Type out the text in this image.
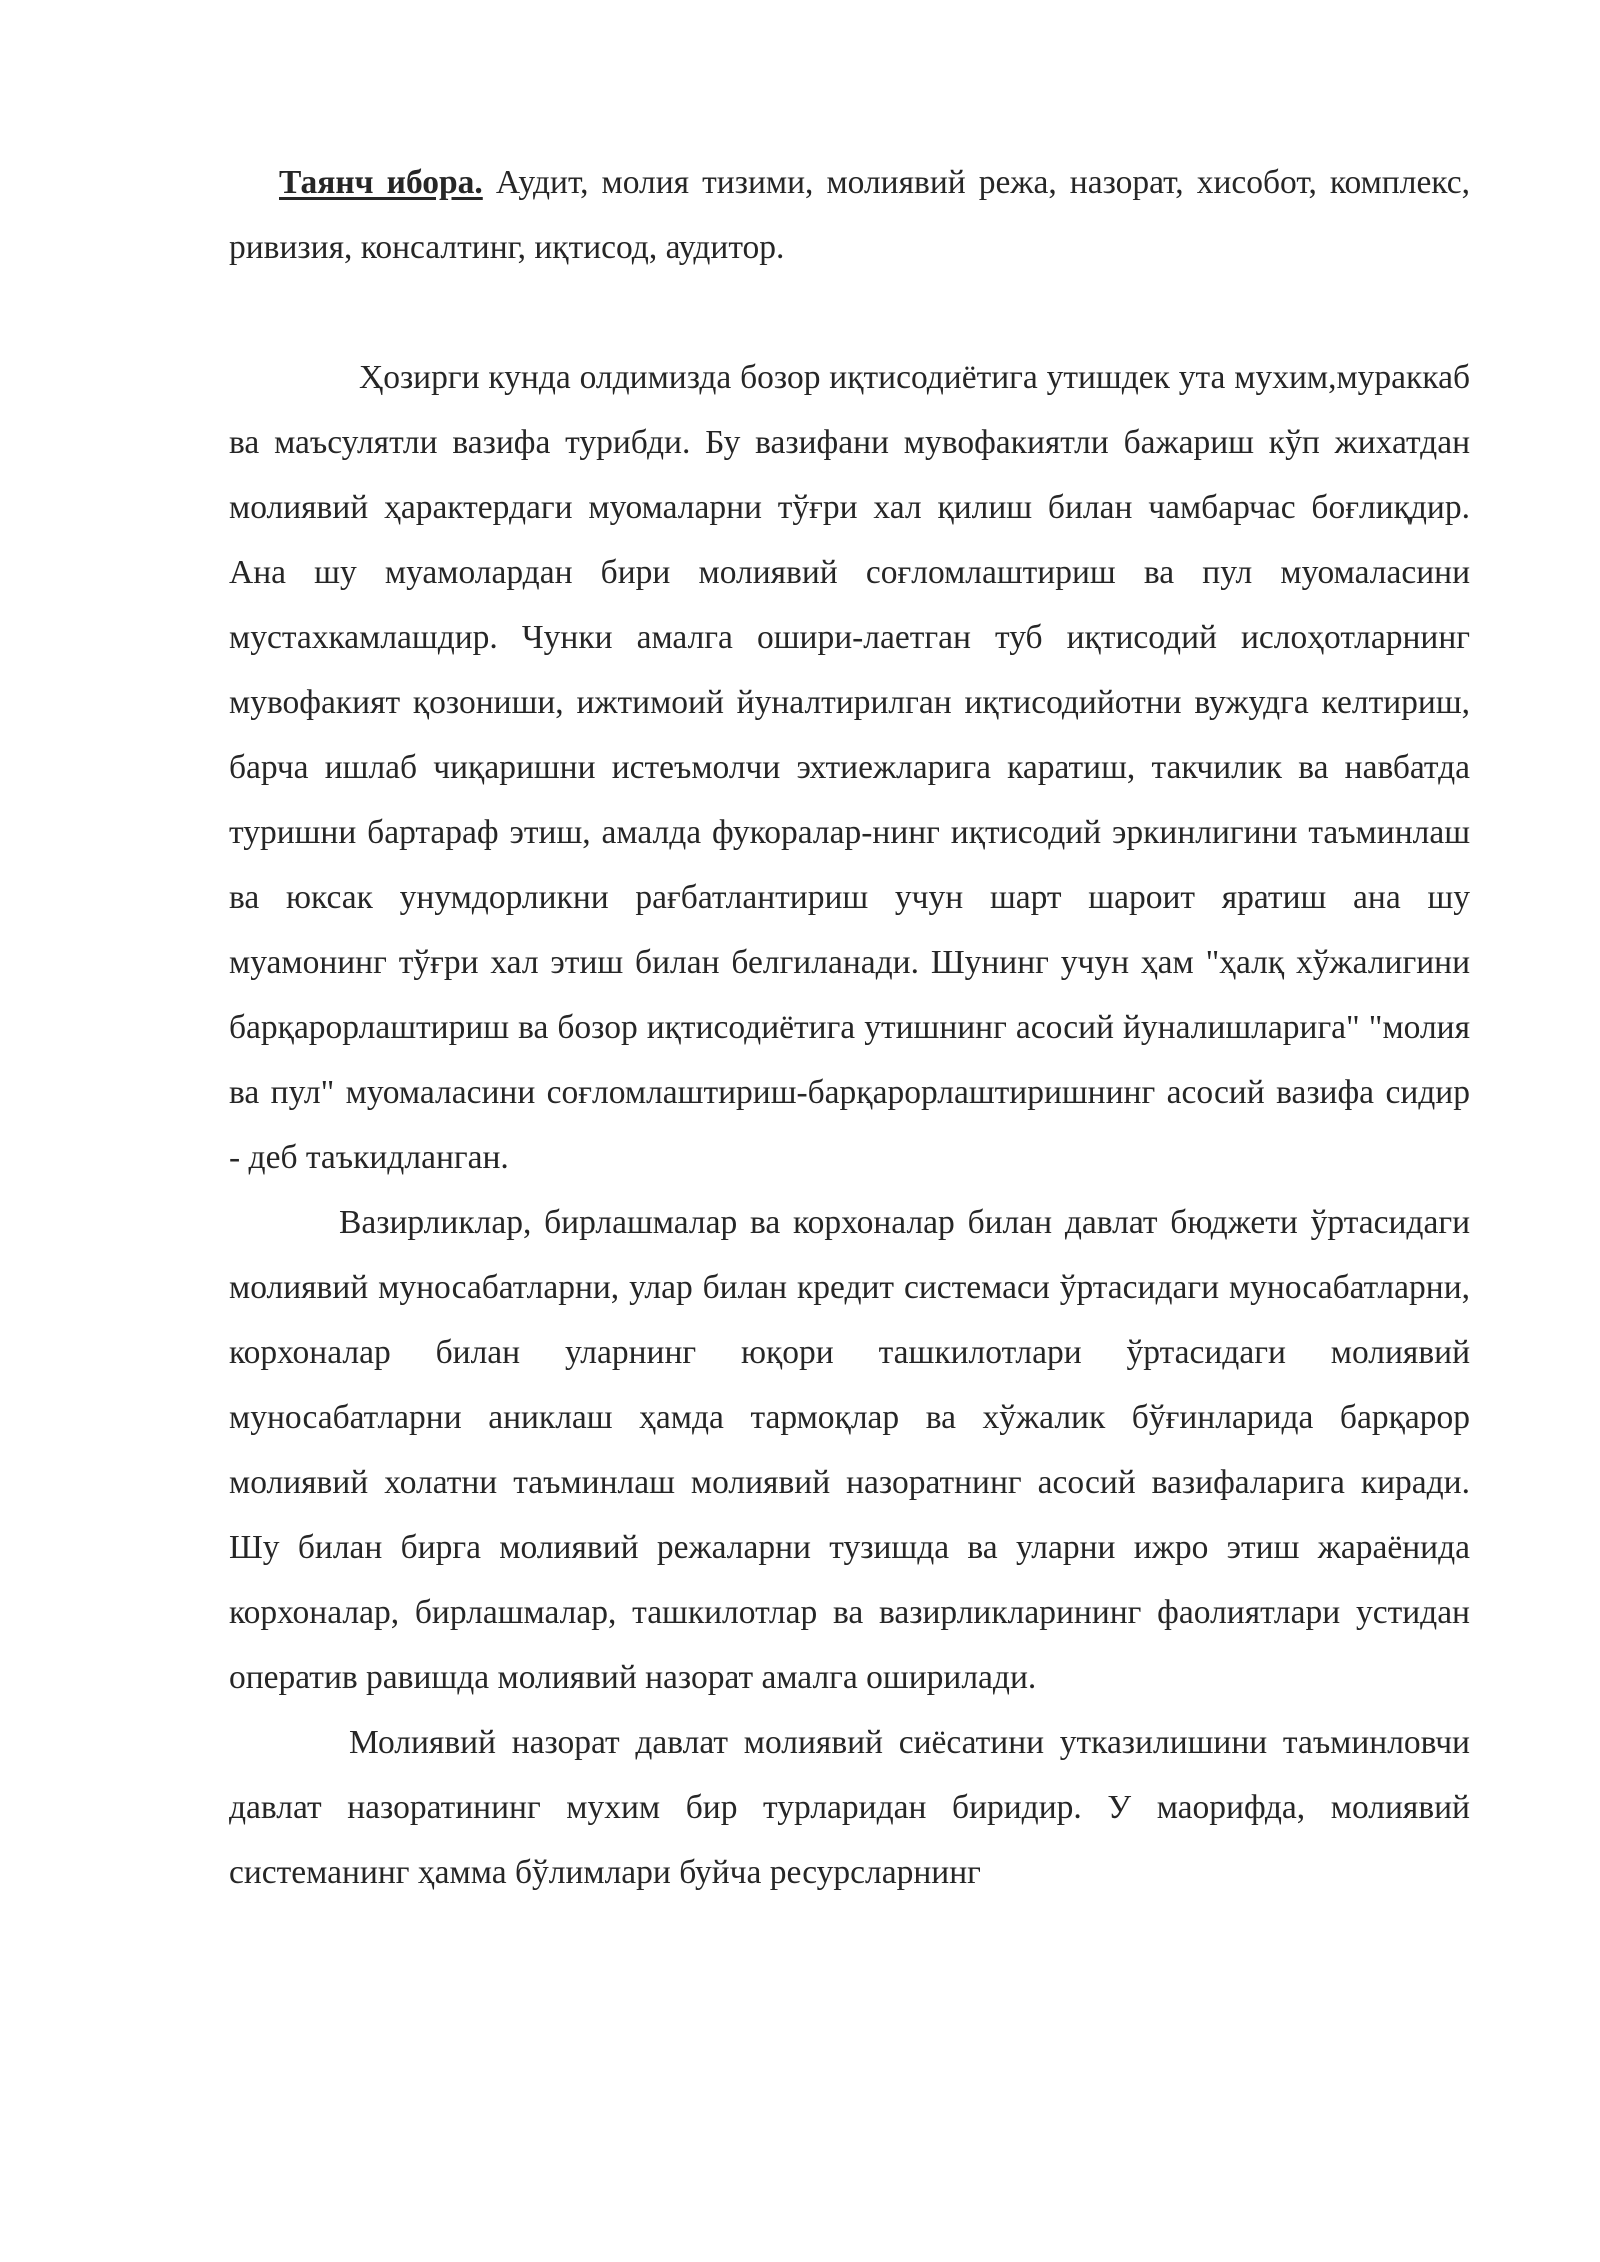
Таянч ибора. Аудит, молия тизими, молиявий режа, назорат, хисобот, комплекс, ривизия, консалтинг, иқтисод, аудитор.

Ҳозирги кунда олдимизда бозор иқтисодиётига утишдек ута мухим,мураккаб ва маъсулятли вазифа турибди. Бу вазифани мувофакиятли бажариш кўп жихатдан молиявий ҳарактердаги муомаларни тўғри хал қилиш билан чамбарчас боғлиқдир. Ана шу муамолардан бири молиявий соғломлаштириш ва пул муомаласини мустахкамлашдир. Чунки амалга ошири-лаетган туб иқтисодий ислоҳотларнинг мувофакият қозониши, ижтимоий йуналтирилган иқтисодийотни вужудга келтириш, барча ишлаб чиқаришни истеъмолчи эхтиежларига каратиш, такчилик ва навбатда туришни бартараф этиш, амалда фукоралар-нинг иқтисодий эркинлигини таъминлаш ва юксак унумдорликни рағбатлантириш учун шарт шароит яратиш ана шу муамонинг тўғри хал этиш билан белгиланади. Шунинг учун ҳам "ҳалқ хўжалигини барқарорлаштириш ва бозор иқтисодиётига утишнинг асосий йуналишларига" "молия ва пул" муомаласини соғломлаштириш-барқарорлаштиришнинг асосий вазифа сидир - деб таъкидланган.

Вазирликлар, бирлашмалар ва корхоналар билан давлат бюджети ўртасидаги молиявий муносабатларни, улар билан кредит системаси ўртасидаги муносабатларни, корхоналар билан уларнинг юқори ташкилотлари ўртасидаги молиявий муносабатларни аниклаш ҳамда тармоқлар ва хўжалик бўғинларида барқарор молиявий холатни таъминлаш молиявий назоратнинг асосий вазифаларига киради. Шу билан бирга молиявий режаларни тузишда ва уларни ижро этиш жараёнида корхоналар, бирлашмалар, ташкилотлар ва вазирликларининг фаолиятлари устидан оператив равишда молиявий назорат амалга оширилади.

Молиявий назорат давлат молиявий сиёсатини утказилишини таъминловчи давлат назоратининг мухим бир турларидан биридир. У маорифда, молиявий системанинг ҳамма бўлимлари буйча ресурсларнинг
